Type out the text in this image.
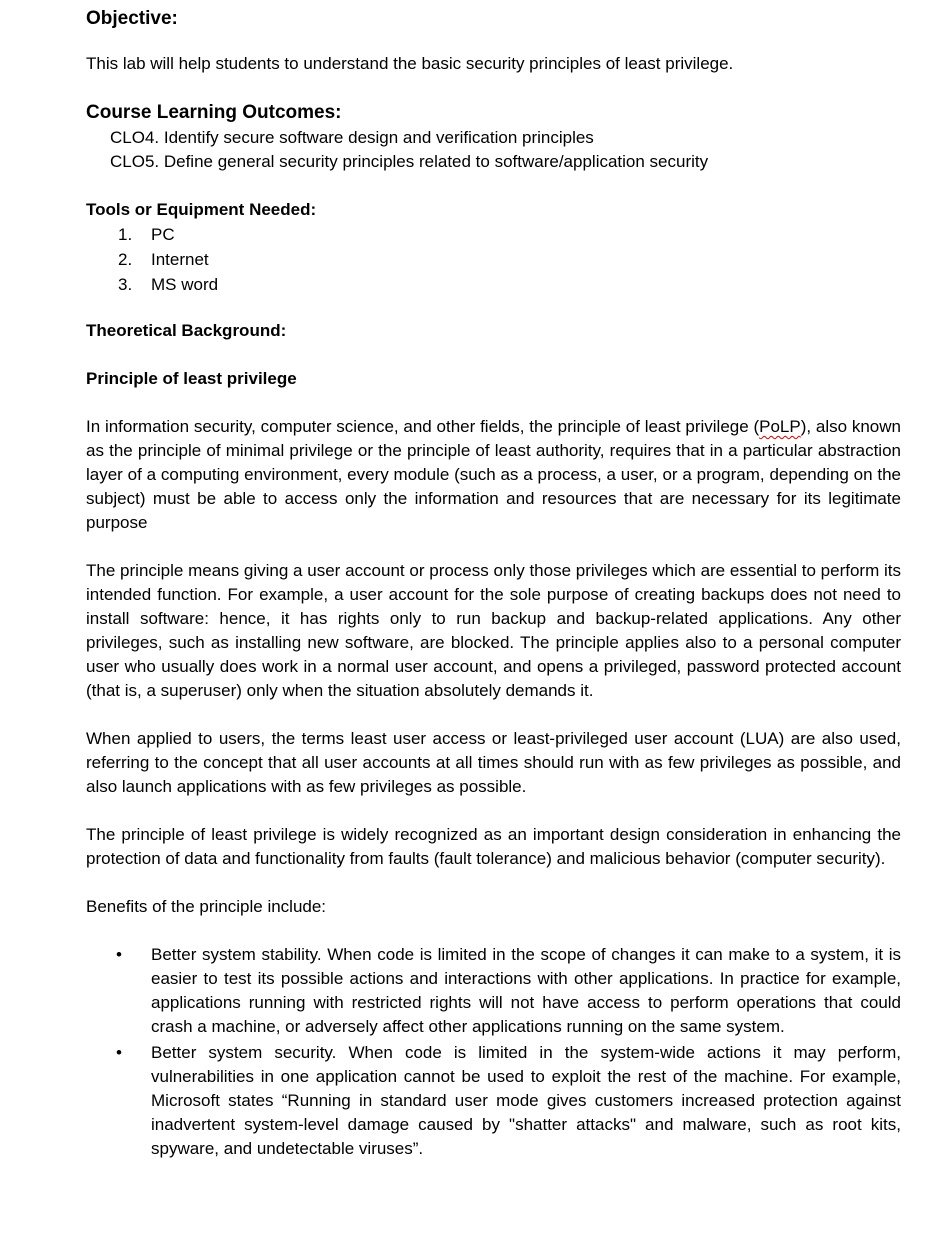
Objective:

This lab will help students to understand the basic security principles of least privilege.

Course Learning Outcomes:
CLO4. Identify secure software design and verification principles
CLO5. Define general security principles related to software/application security
Tools or Equipment Needed:
1. PC
2. Internet
3. MS word
Theoretical Background:
Principle of least privilege

In information security, computer science, and other fields, the principle of least privilege (PoLP), also known as the principle of minimal privilege or the principle of least authority, requires that in a particular abstraction layer of a computing environment, every module (such as a process, a user, or a program, depending on the subject) must be able to access only the information and resources that are necessary for its legitimate purpose

The principle means giving a user account or process only those privileges which are essential to perform its intended function. For example, a user account for the sole purpose of creating backups does not need to install software: hence, it has rights only to run backup and backup-related applications. Any other privileges, such as installing new software, are blocked. The principle applies also to a personal computer user who usually does work in a normal user account, and opens a privileged, password protected account (that is, a superuser) only when the situation absolutely demands it.

When applied to users, the terms least user access or least-privileged user account (LUA) are also used, referring to the concept that all user accounts at all times should run with as few privileges as possible, and also launch applications with as few privileges as possible.

The principle of least privilege is widely recognized as an important design consideration in enhancing the protection of data and functionality from faults (fault tolerance) and malicious behavior (computer security).

Benefits of the principle include:

• Better system stability. When code is limited in the scope of changes it can make to a system, it is easier to test its possible actions and interactions with other applications. In practice for example, applications running with restricted rights will not have access to perform operations that could crash a machine, or adversely affect other applications running on the same system.
• Better system security. When code is limited in the system-wide actions it may perform, vulnerabilities in one application cannot be used to exploit the rest of the machine. For example, Microsoft states “Running in standard user mode gives customers increased protection against inadvertent system-level damage caused by "shatter attacks" and malware, such as root kits, spyware, and undetectable viruses”.
